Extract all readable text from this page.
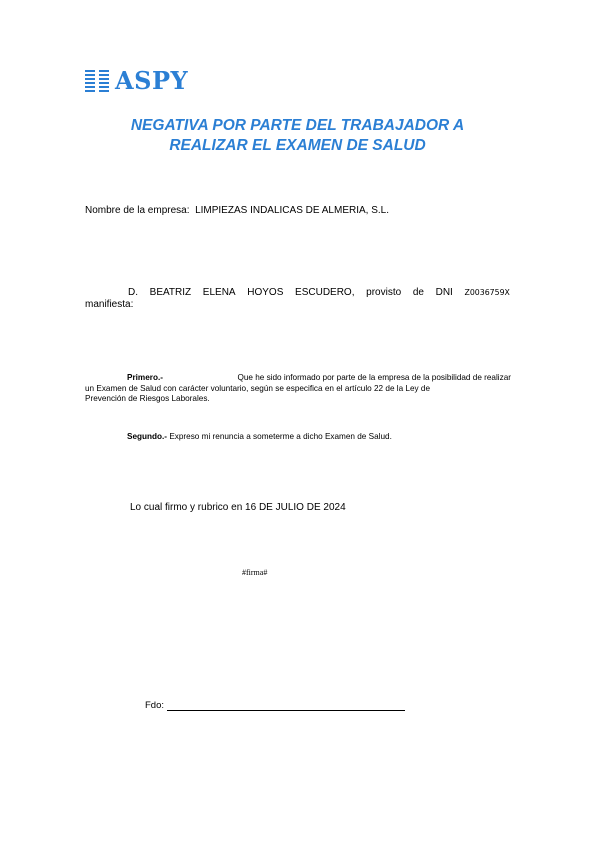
ASPY
NEGATIVA POR PARTE DEL TRABAJADOR A
REALIZAR EL EXAMEN DE SALUD
Nombre de la empresa: LIMPIEZAS INDALICAS DE ALMERIA, S.L.
D. BEATRIZ ELENA HOYOS ESCUDERO, provisto de DNI Z0036759X
manifiesta:
Primero.-	Que he sido informado por parte de la empresa de la posibilidad de realizar
un Examen de Salud con carácter voluntario, según se especifica en el artículo 22 de la Ley de
Prevención de Riesgos Laborales.
Segundo.- Expreso mi renuncia a someterme a dicho Examen de Salud.
Lo cual firmo y rubrico en 16 DE JULIO DE 2024
#firma#
Fdo:
